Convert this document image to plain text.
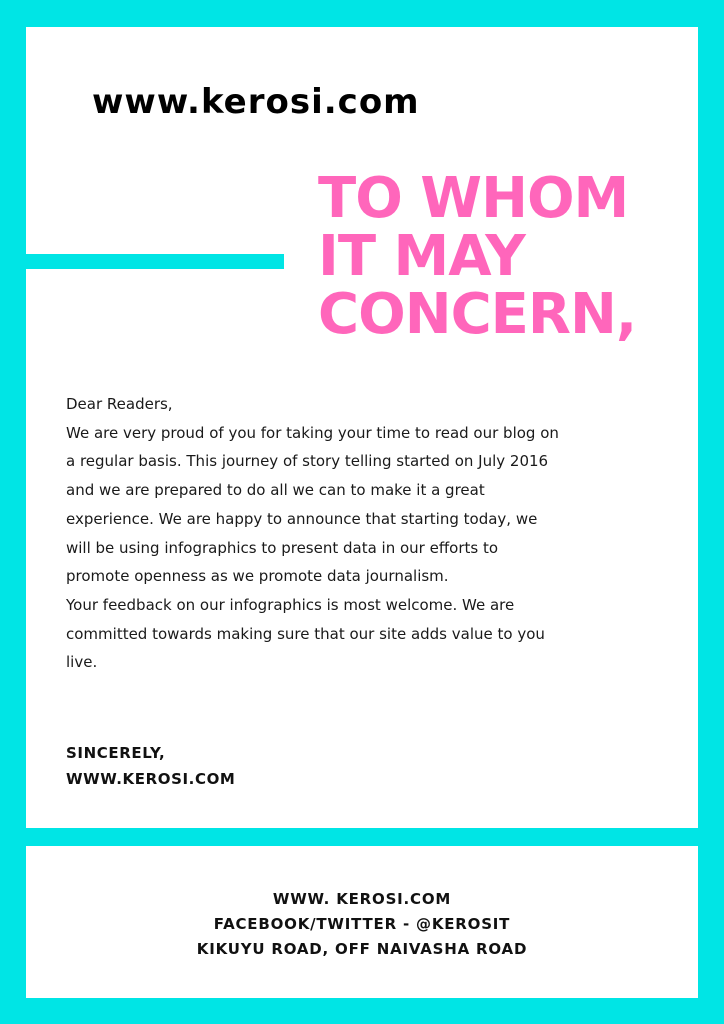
www.kerosi.com
TO WHOM
IT MAY
CONCERN,

Dear Readers,

We are very proud of you for taking your time to read our blog on a regular basis. This journey of story telling started on July 2016 and we are prepared to do all we can to make it a great experience. We are happy to announce that starting today, we will be using infographics to present data in our efforts to promote openness as we promote data journalism.

Your feedback on our infographics is most welcome. We are committed towards making sure that our site adds value to you live.

SINCERELY,
WWW.KEROSI.COM
WWW. KEROSI.COM
FACEBOOK/TWITTER - @KEROSIT
KIKUYU ROAD, OFF NAIVASHA ROAD
